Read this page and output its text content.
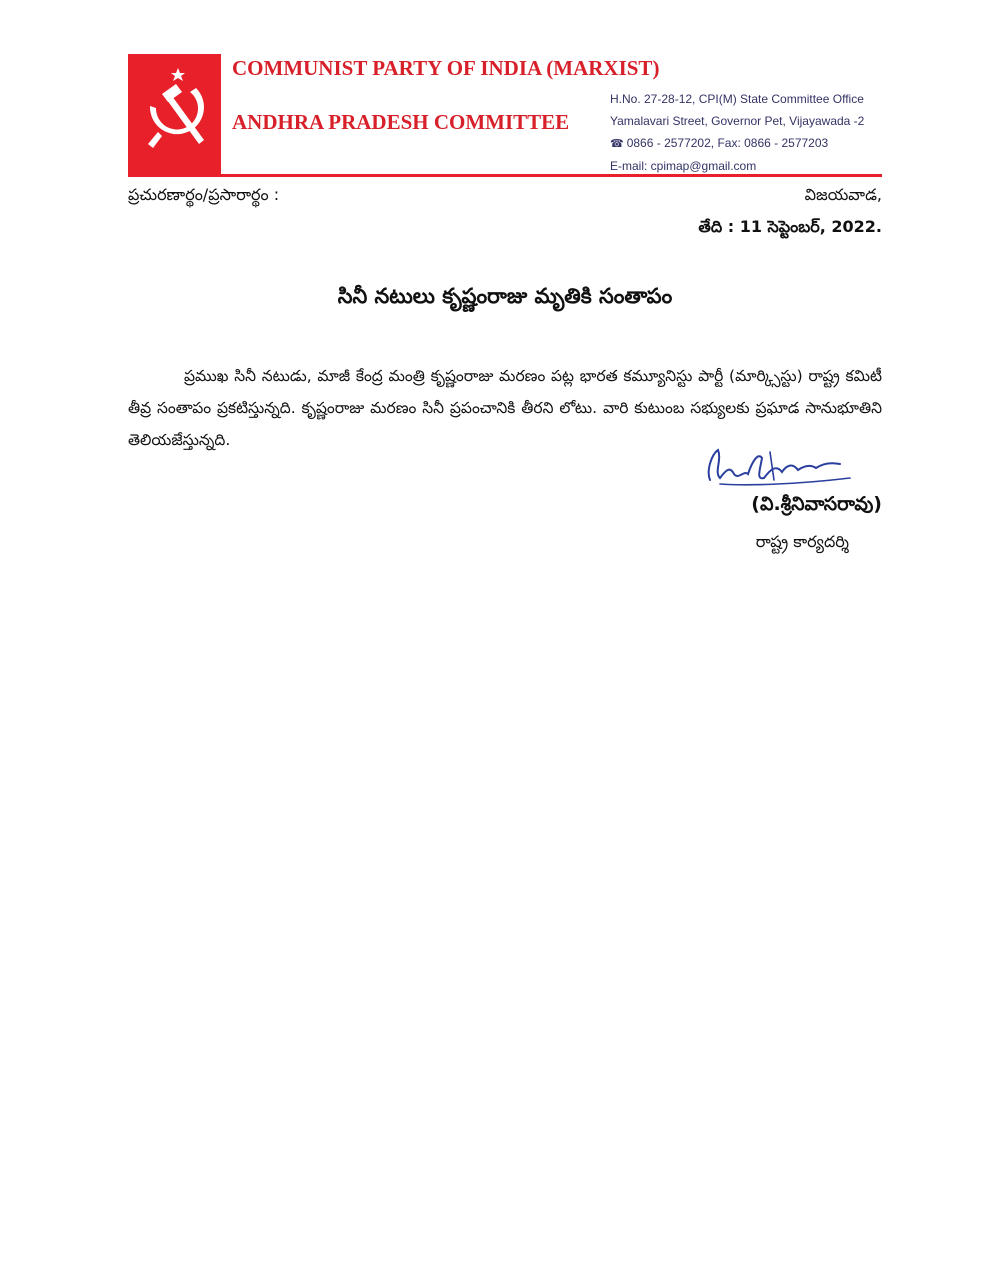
COMMUNIST PARTY OF INDIA (MARXIST)
ANDHRA PRADESH COMMITTEE
H.No. 27-28-12, CPI(M) State Committee Office
Yamalavari Street, Governor Pet, Vijayawada -2
☎ 0866 - 2577202, Fax: 0866 - 2577203
E-mail: cpimap@gmail.com
ప్రచురణార్థం/ప్రసారార్థం :	విజయవాడ,
తేది : 11 సెప్టెంబర్, 2022.
సినీ నటులు కృష్ణంరాజు మృతికి సంతాపం

ప్రముఖ సినీ నటుడు, మాజీ కేంద్ర మంత్రి కృష్ణంరాజు మరణం పట్ల భారత కమ్యూనిస్టు పార్టీ (మార్క్సిస్టు) రాష్ట్ర కమిటీ తీవ్ర సంతాపం ప్రకటిస్తున్నది. కృష్ణంరాజు మరణం సినీ ప్రపంచానికి తీరని లోటు. వారి కుటుంబ సభ్యులకు ప్రఘాడ సానుభూతిని తెలియజేస్తున్నది.

(వి.శ్రీనివాసరావు)
రాష్ట్ర కార్యదర్శి
